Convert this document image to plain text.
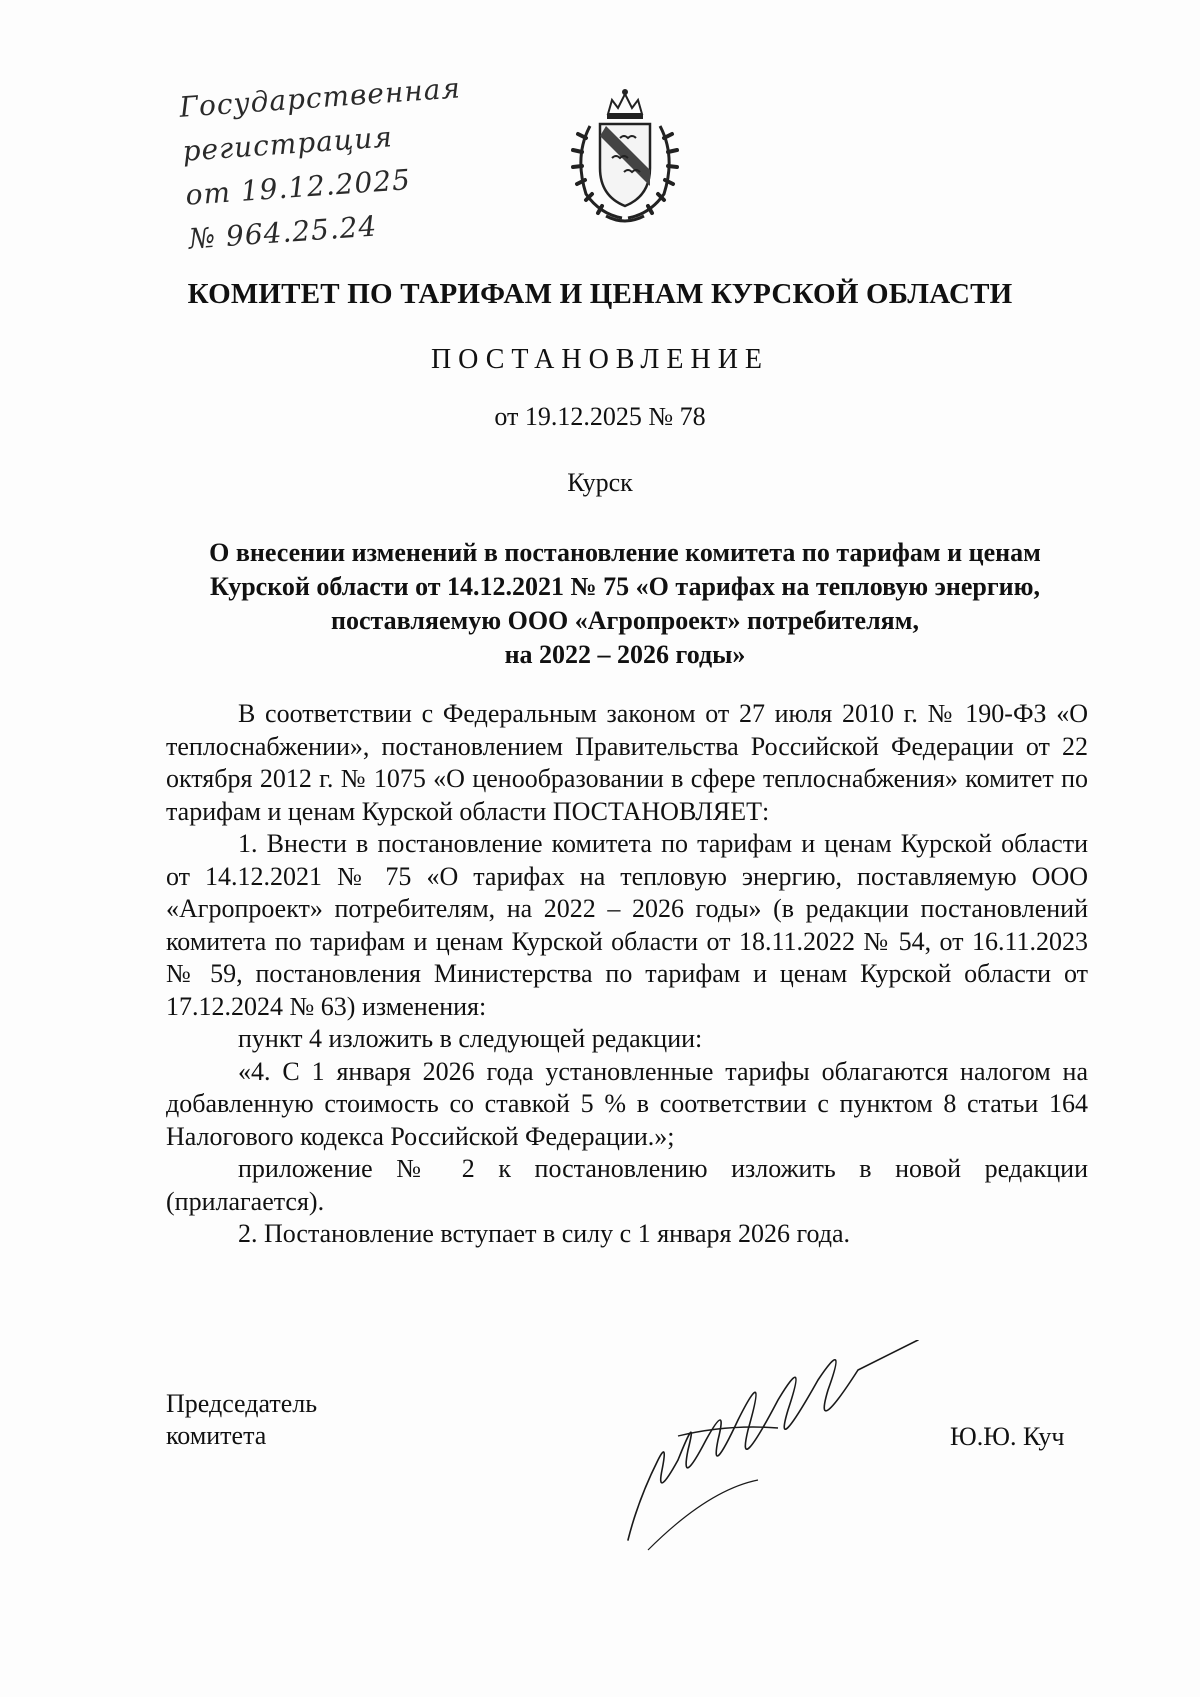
Государственная
регистрация
от 19.12.2025
№ 964.25.24
КОМИТЕТ ПО ТАРИФАМ И ЦЕНАМ КУРСКОЙ ОБЛАСТИ
ПОСТАНОВЛЕНИЕ
от 19.12.2025 № 78
Курск
О внесении изменений в постановление комитета по тарифам и ценам
Курской области от 14.12.2021 № 75 «О тарифах на тепловую энергию,
поставляемую ООО «Агропроект» потребителям,
на 2022 – 2026 годы»

В соответствии с Федеральным законом от 27 июля 2010 г. № 190-ФЗ «О теплоснабжении», постановлением Правительства Российской Федерации от 22 октября 2012 г. № 1075 «О ценообразовании в сфере теплоснабжения» комитет по тарифам и ценам Курской области ПОСТАНОВЛЯЕТ:

1. Внести в постановление комитета по тарифам и ценам Курской области от 14.12.2021 № 75 «О тарифах на тепловую энергию, поставляемую ООО «Агропроект» потребителям, на 2022 – 2026 годы» (в редакции постановлений комитета по тарифам и ценам Курской области от 18.11.2022 № 54, от 16.11.2023 № 59, постановления Министерства по тарифам и ценам Курской области от 17.12.2024 № 63) изменения:

пункт 4 изложить в следующей редакции:

«4. С 1 января 2026 года установленные тарифы облагаются налогом на добавленную стоимость со ставкой 5 % в соответствии с пунктом 8 статьи 164 Налогового кодекса Российской Федерации.»;

приложение № 2 к постановлению изложить в новой редакции (прилагается).

2. Постановление вступает в силу с 1 января 2026 года.

Председатель
комитета	Ю.Ю. Куч
